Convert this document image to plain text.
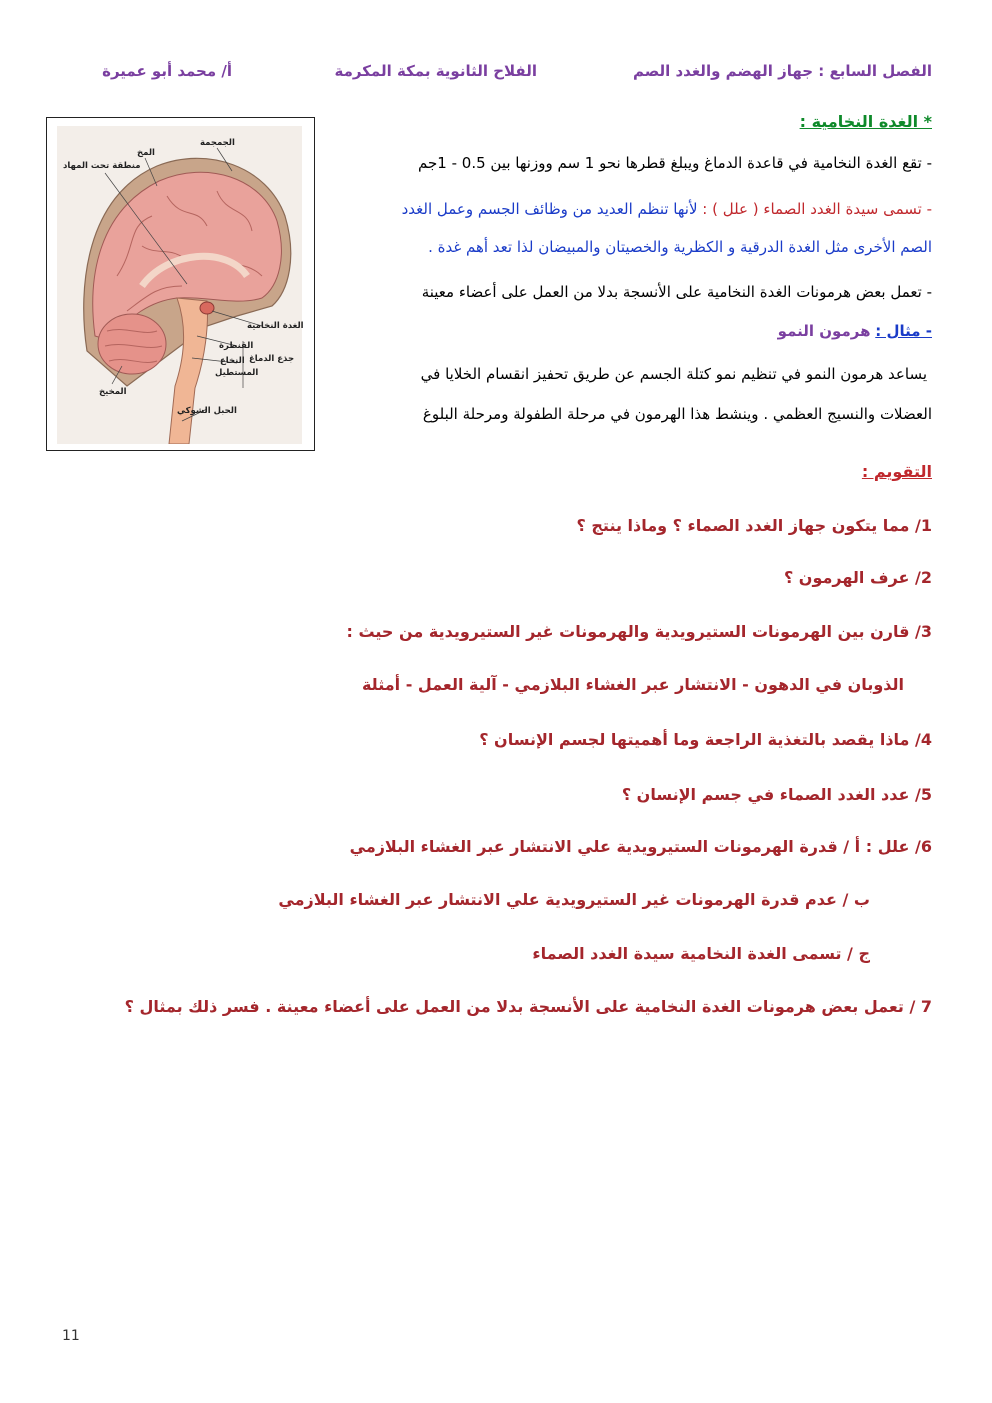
الفصل السابع : جهاز الهضم والغدد الصم
الفلاح الثانوية بمكة المكرمة
أ/ محمد أبو عميرة
* الغدة النخامية :
- تقع الغدة النخامية في قاعدة الدماغ ويبلغ قطرها نحو 1 سم ووزنها بين 0.5 - 1جم
- تسمى سيدة الغدد الصماء ( علل ) : لأنها تنظم العديد من وظائف الجسم وعمل الغدد
الصم الأخرى مثل الغدة الدرقية و الكظرية والخصيتان والمبيضان لذا تعد أهم غدة .
- تعمل بعض هرمونات الغدة النخامية على الأنسجة بدلا من العمل على أعضاء معينة
- مثال : هرمون النمو
يساعد هرمون النمو في تنظيم نمو كتلة الجسم عن طريق تحفيز انقسام الخلايا في
العضلات والنسيج العظمي . وينشط هذا الهرمون في مرحلة الطفولة ومرحلة البلوغ
الجمجمة
المخ
منطقة تحت المهاد
الغدة النخامية
القنطرة
النخاع
المستطيل
جذع الدماغ
المخيخ
الحبل الشوكي
التقويم :
1/ مما يتكون جهاز الغدد الصماء ؟ وماذا ينتج ؟
2/ عرف الهرمون ؟
3/ قارن بين الهرمونات الستيرويدية والهرمونات غير الستيرويدية من حيث :
الذوبان في الدهون - الانتشار عبر الغشاء البلازمي - آلية العمل - أمثلة
4/ ماذا يقصد بالتغذية الراجعة وما أهميتها لجسم الإنسان ؟
5/ عدد الغدد الصماء في جسم الإنسان ؟
6/ علل : أ / قدرة الهرمونات الستيرويدية علي الانتشار عبر الغشاء البلازمي
ب / عدم قدرة الهرمونات غير الستيرويدية علي الانتشار عبر الغشاء البلازمي
ج / تسمى الغدة النخامية سيدة الغدد الصماء
7 / تعمل بعض هرمونات الغدة النخامية على الأنسجة بدلا من العمل على أعضاء معينة . فسر ذلك بمثال ؟
11
